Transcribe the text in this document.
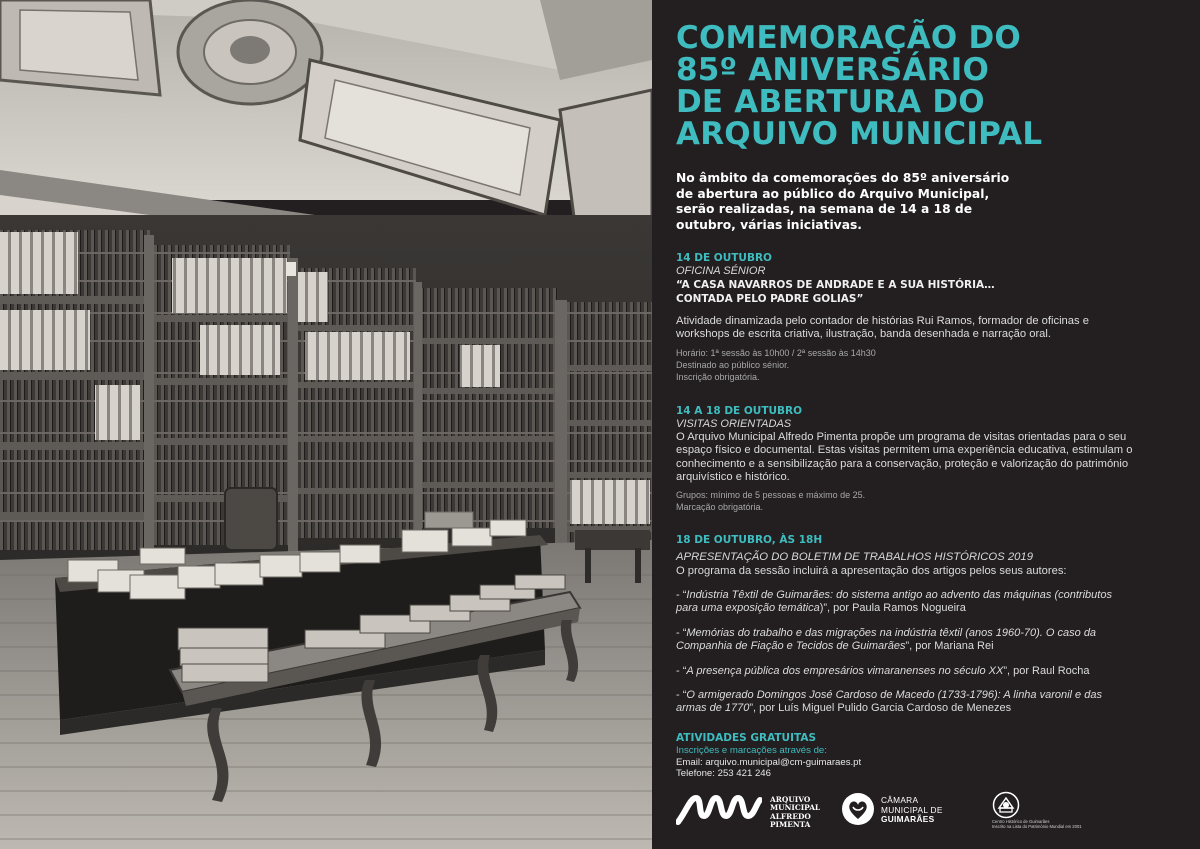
COMEMORAÇÃO DO
85º ANIVERSÁRIO
DE ABERTURA DO
ARQUIVO MUNICIPAL

No âmbito da comemorações do 85º aniversário
de abertura ao público do Arquivo Municipal,
serão realizadas, na semana de 14 a 18 de
outubro, várias iniciativas.

14 DE OUTUBRO
OFICINA SÉNIOR
“A CASA NAVARROS DE ANDRADE E A SUA HISTÓRIA…
CONTADA PELO PADRE GOLIAS”
Atividade dinamizada pelo contador de histórias Rui Ramos, formador de oficinas e
workshops de escrita criativa, ilustração, banda desenhada e narração oral.
Horário: 1ª sessão às 10h00 / 2ª sessão às 14h30
Destinado ao público sénior.
Inscrição obrigatória.
14 A 18 DE OUTUBRO
VISITAS ORIENTADAS
O Arquivo Municipal Alfredo Pimenta propõe um programa de visitas orientadas para o seu
espaço físico e documental. Estas visitas permitem uma experiência educativa, estimulam o
conhecimento e a sensibilização para a conservação, proteção e valorização do património
arquivístico e histórico.
Grupos: mínimo de 5 pessoas e máximo de 25.
Marcação obrigatória.
18 DE OUTUBRO, ÀS 18H
APRESENTAÇÃO DO BOLETIM DE TRABALHOS HISTÓRICOS 2019
O programa da sessão incluirá a apresentação dos artigos pelos seus autores:
- “Indústria Têxtil de Guimarães: do sistema antigo ao advento das máquinas (contributos
para uma exposição temática)”, por Paula Ramos Nogueira
- “Memórias do trabalho e das migrações na indústria têxtil (anos 1960-70). O caso da
Companhia de Fiação e Tecidos de Guimarães”, por Mariana Rei
- “A presença pública dos empresários vimaranenses no século XX”, por Raul Rocha
- “O armigerado Domingos José Cardoso de Macedo (1733-1796): A linha varonil e das
armas de 1770”, por Luís Miguel Pulido Garcia Cardoso de Menezes
ATIVIDADES GRATUITAS
Inscrições e marcações através de:
Email: arquivo.municipal@cm-guimaraes.pt
Telefone: 253 421 246
ARQUIVO
MUNICIPAL
ALFREDO
PIMENTA
CÂMARA
MUNICIPAL DE
GUIMARÃES	Centro Histórico de Guimarães
Inscrito na Lista do Património Mundial em 2001
